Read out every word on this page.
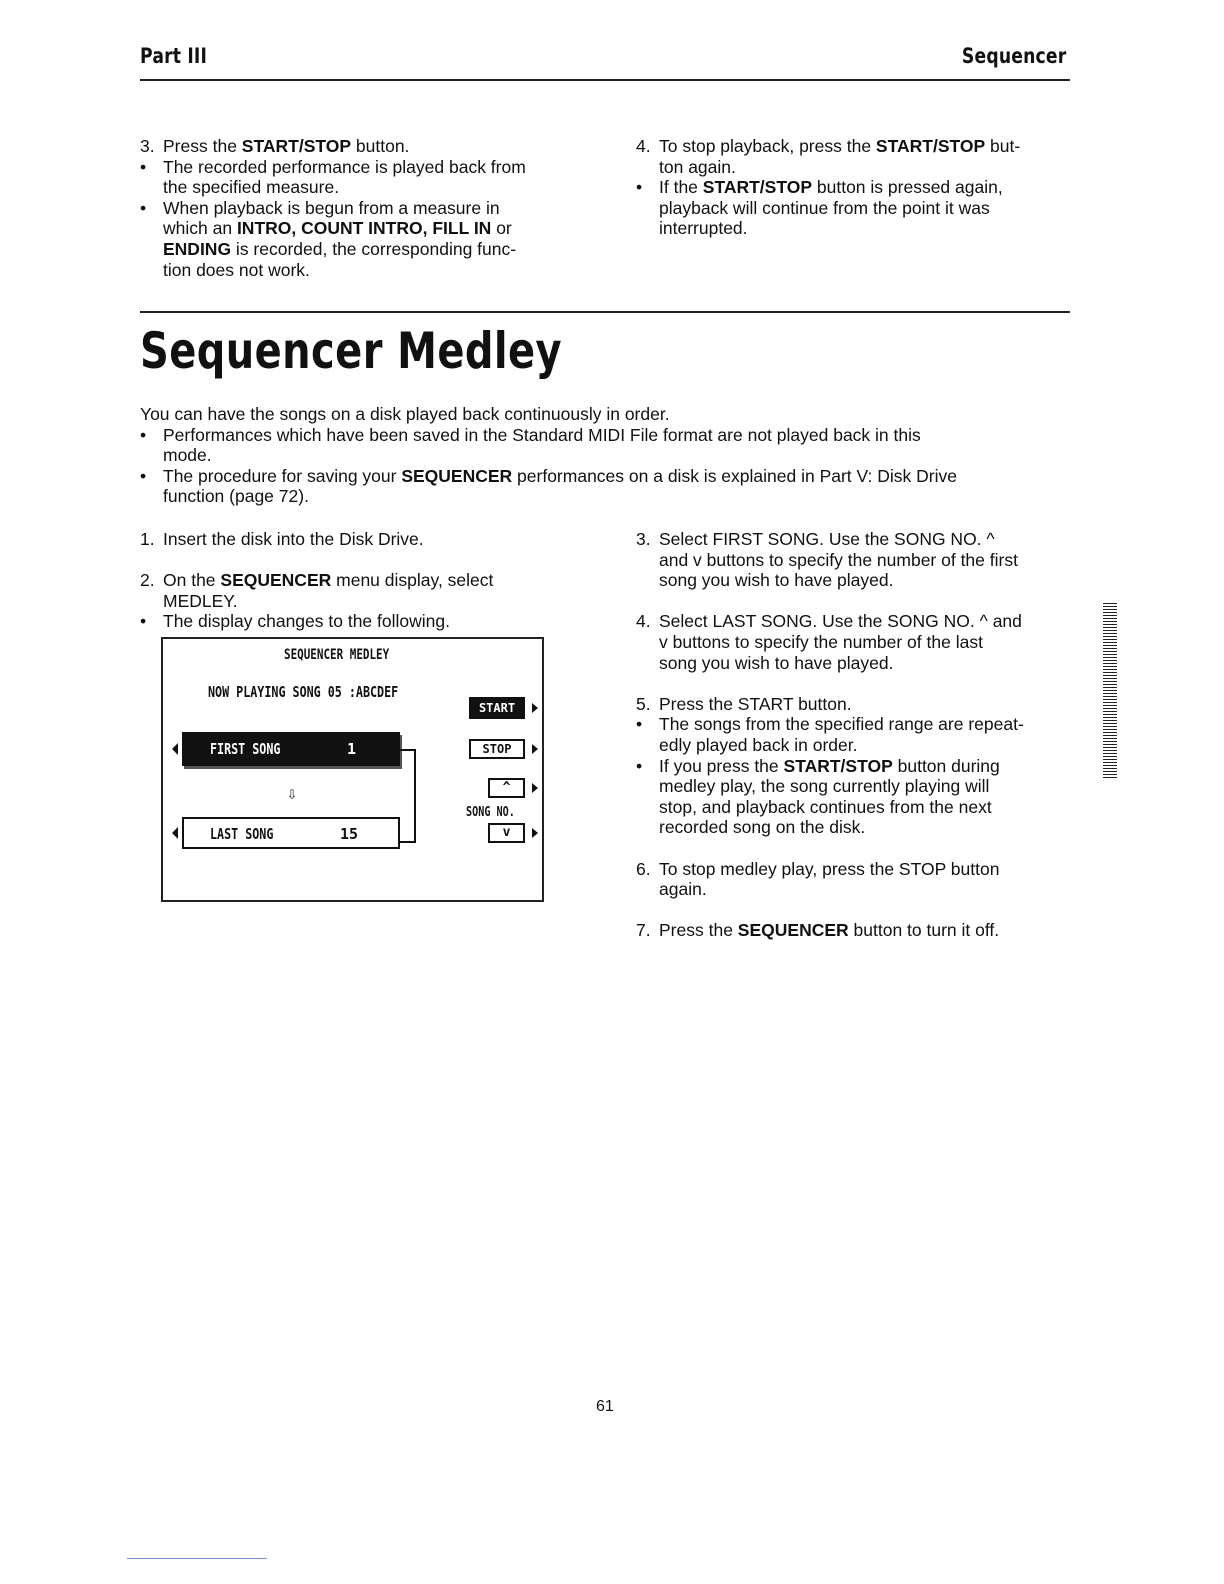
Part III	Sequencer
3. Press the START/STOP button.
• The recorded performance is played back from

the specified measure.

• When playback is begun from a measure in

which an INTRO, COUNT INTRO, FILL IN or

ENDING is recorded, the corresponding func-

tion does not work.

4. To stop playback, press the START/STOP but-

ton again.

• If the START/STOP button is pressed again,

playback will continue from the point it was

interrupted.

Sequencer Medley

You can have the songs on a disk played back continuously in order.

• Performances which have been saved in the Standard MIDI File format are not played back in this

mode.

• The procedure for saving your SEQUENCER performances on a disk is explained in Part V: Disk Drive

function (page 72).

1. Insert the disk into the Disk Drive.
2. On the SEQUENCER menu display, select

MEDLEY.

• The display changes to the following.
SEQUENCER MEDLEY
NOW PLAYING SONG 05 :ABCDEF
START
FIRST SONG	1
⇩
LAST SONG	15
STOP
^
SONG NO.
v
3. Select FIRST SONG. Use the SONG NO. ^

and v buttons to specify the number of the first

song you wish to have played.

4. Select LAST SONG. Use the SONG NO. ^ and

v buttons to specify the number of the last

song you wish to have played.

5. Press the START button.
• The songs from the specified range are repeat-

edly played back in order.

• If you press the START/STOP button during

medley play, the song currently playing will

stop, and playback continues from the next

recorded song on the disk.

6. To stop medley play, press the STOP button

again.

7. Press the SEQUENCER button to turn it off.
61
